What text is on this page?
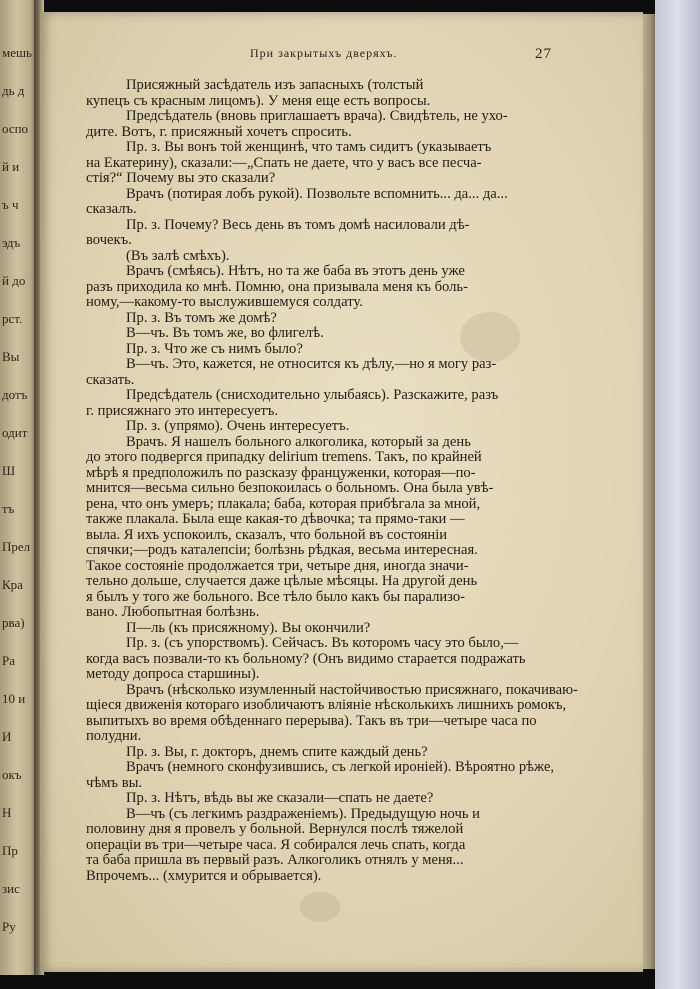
мешь
дь д
оспо
й и
ъ ч
эдъ
й до
рст.
Вы
дотъ
одит
Ш
тъ
Прел
Кра
рва)
Ра
10 и
И
окъ
Н
Пр
зис
Ру
При закрытыхъ дверяхъ.	27
Присяжный засѣдатель изъ запасныхъ (толстый
купецъ съ красным лицомъ). У меня еще есть вопросы.
Предсѣдатель (вновь приглашаетъ врача). Свидѣтель, не ухо-
дите. Вотъ, г. присяжный хочетъ спросить.
Пр. з. Вы вонъ той женщинѣ, что тамъ сидитъ (указываетъ
на Екатерину), сказали:—„Спать не даете, что у васъ все песча-
стія?“ Почему вы это сказали?
Врачъ (потирая лобъ рукой). Позвольте вспомнить... да... да...
сказалъ.
Пр. з. Почему? Весь день въ томъ домѣ насиловали дѣ-
вочекъ.
(Въ залѣ смѣхъ).
Врачъ (смѣясь). Нѣтъ, но та же баба въ этотъ день уже
разъ приходила ко мнѣ. Помню, она призывала меня къ боль-
ному,—какому-то выслужившемуся солдату.
Пр. з. Въ томъ же домѣ?
В—чъ. Въ томъ же, во флигелѣ.
Пр. з. Что же съ нимъ было?
В—чъ. Это, кажется, не относится къ дѣлу,—но я могу раз-
сказать.
Предсѣдатель (снисходительно улыбаясь). Разскажите, разъ
г. присяжнаго это интересуетъ.
Пр. з. (упрямо). Очень интересуетъ.
Врачъ. Я нашелъ больного алкоголика, который за день
до этого подвергся припадку delirium tremens. Такъ, по крайней
мѣрѣ я предположилъ по разсказу француженки, которая—по-
мнится—весьма сильно безпокоилась о больномъ. Она была увѣ-
рена, что онъ умеръ; плакала; баба, которая прибѣгала за мной,
также плакала. Была еще какая-то дѣвочка; та прямо-таки —
выла. Я ихъ успокоилъ, сказалъ, что больной въ состояніи
спячки;—родъ каталепсіи; болѣзнь рѣдкая, весьма интересная.
Такое состояніе продолжается три, четыре дня, иногда значи-
тельно дольше, случается даже цѣлые мѣсяцы. На другой день
я былъ у того же больного. Все тѣло было какъ бы парализо-
вано. Любопытная болѣзнь.
П—ль (къ присяжному). Вы окончили?
Пр. з. (съ упорствомъ). Сейчасъ. Въ которомъ часу это было,—
когда васъ позвали-то къ больному? (Онъ видимо старается подражать
методу допроса старшины).
Врачъ (нѣсколько изумленный настойчивостью присяжнаго, покачиваю-
щіеся движенія котораго изобличаютъ вліяніе нѣсколькихъ лишнихъ ромокъ,
выпитыхъ во время обѣденнаго перерыва). Такъ въ три—четыре часа по
полудни.
Пр. з. Вы, г. докторъ, днемъ спите каждый день?
Врачъ (немного сконфузившись, съ легкой ироніей). Вѣроятно рѣже,
чѣмъ вы.
Пр. з. Нѣтъ, вѣдь вы же сказали—спать не даете?
В—чъ (съ легкимъ раздраженіемъ). Предыдущую ночь и
половину дня я провелъ у больной. Вернулся послѣ тяжелой
операціи въ три—четыре часа. Я собирался лечь спать, когда
та баба пришла въ первый разъ. Алкоголикъ отнялъ у меня...
Впрочемъ... (хмурится и обрывается).
